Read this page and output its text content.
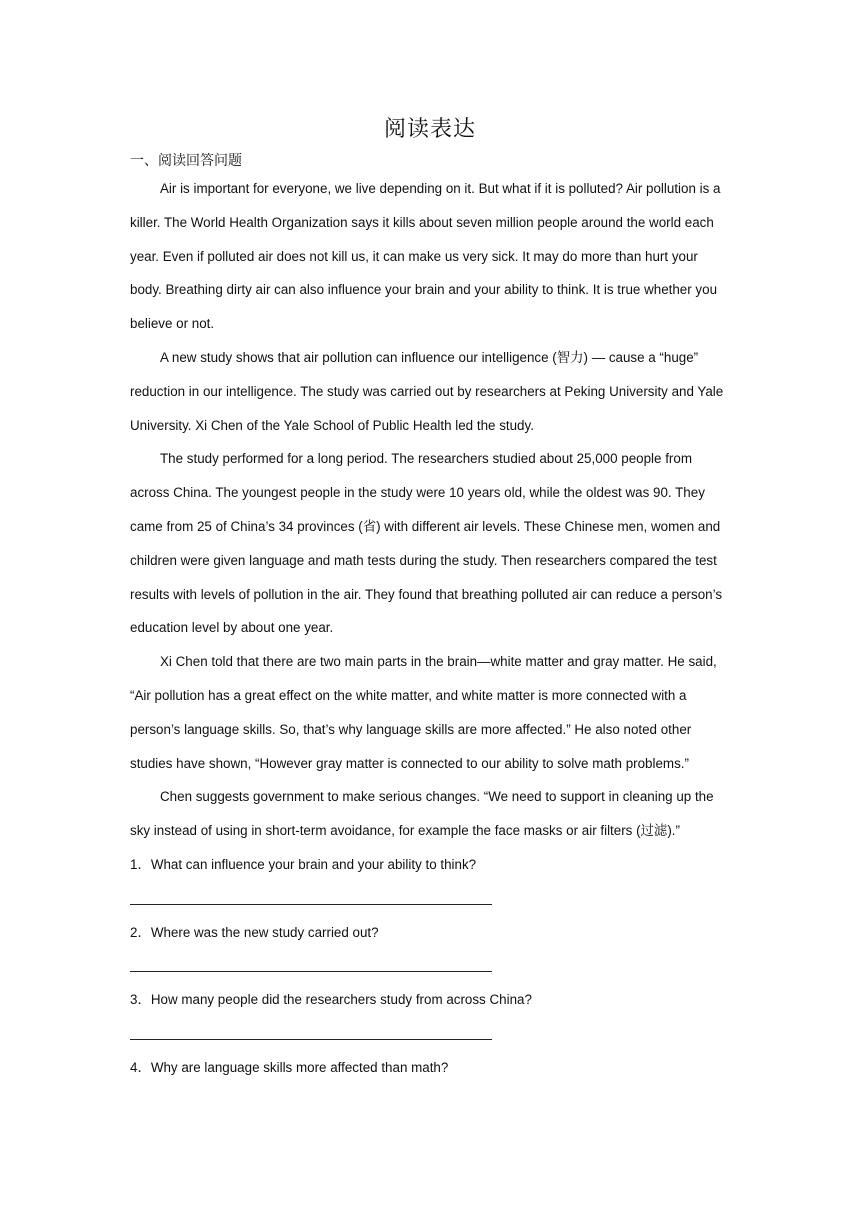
阅读表达
一、阅读回答问题

Air is important for everyone, we live depending on it. But what if it is polluted? Air pollution is a killer. The World Health Organization says it kills about seven million people around the world each year. Even if polluted air does not kill us, it can make us very sick. It may do more than hurt your body. Breathing dirty air can also influence your brain and your ability to think. It is true whether you believe or not.

A new study shows that air pollution can influence our intelligence (智力) — cause a “huge” reduction in our intelligence. The study was carried out by researchers at Peking University and Yale University. Xi Chen of the Yale School of Public Health led the study.

The study performed for a long period. The researchers studied about 25,000 people from across China. The youngest people in the study were 10 years old, while the oldest was 90. They came from 25 of China’s 34 provinces (省) with different air levels. These Chinese men, women and children were given language and math tests during the study. Then researchers compared the test results with levels of pollution in the air. They found that breathing polluted air can reduce a person’s education level by about one year.

Xi Chen told that there are two main parts in the brain—white matter and gray matter. He said, “Air pollution has a great effect on the white matter, and white matter is more connected with a person’s language skills. So, that’s why language skills are more affected.” He also noted other studies have shown, “However gray matter is connected to our ability to solve math problems.”

Chen suggests government to make serious changes. “We need to support in cleaning up the sky instead of using in short-term avoidance, for example the face masks or air filters (过滤).”

1．What can influence your brain and your ability to think?
2．Where was the new study carried out?
3．How many people did the researchers study from across China?
4．Why are language skills more affected than math?
